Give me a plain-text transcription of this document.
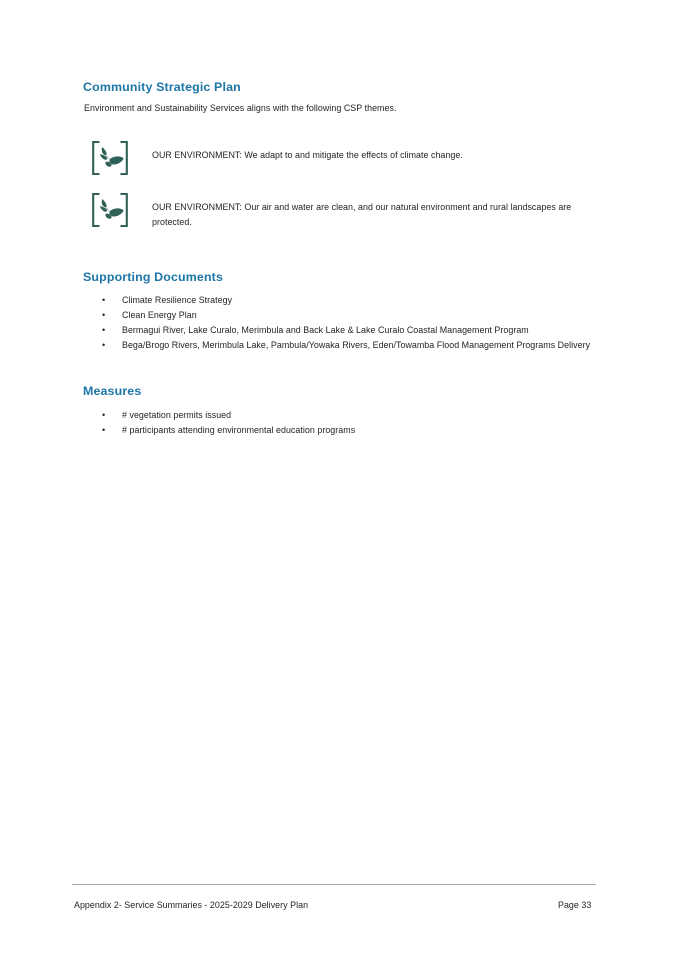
Community Strategic Plan
Environment and Sustainability Services aligns with the following CSP themes.
OUR ENVIRONMENT: We adapt to and mitigate the effects of climate change.
OUR ENVIRONMENT: Our air and water are clean, and our natural environment and rural landscapes are protected.
Supporting Documents
• Climate Resilience Strategy
• Clean Energy Plan
• Bermagui River, Lake Curalo, Merimbula and Back Lake & Lake Curalo Coastal Management Program
• Bega/Brogo Rivers, Merimbula Lake, Pambula/Yowaka Rivers, Eden/Towamba Flood Management Programs Delivery
Measures
• # vegetation permits issued
• # participants attending environmental education programs
Appendix 2- Service Summaries - 2025-2029 Delivery Plan	Page 33
